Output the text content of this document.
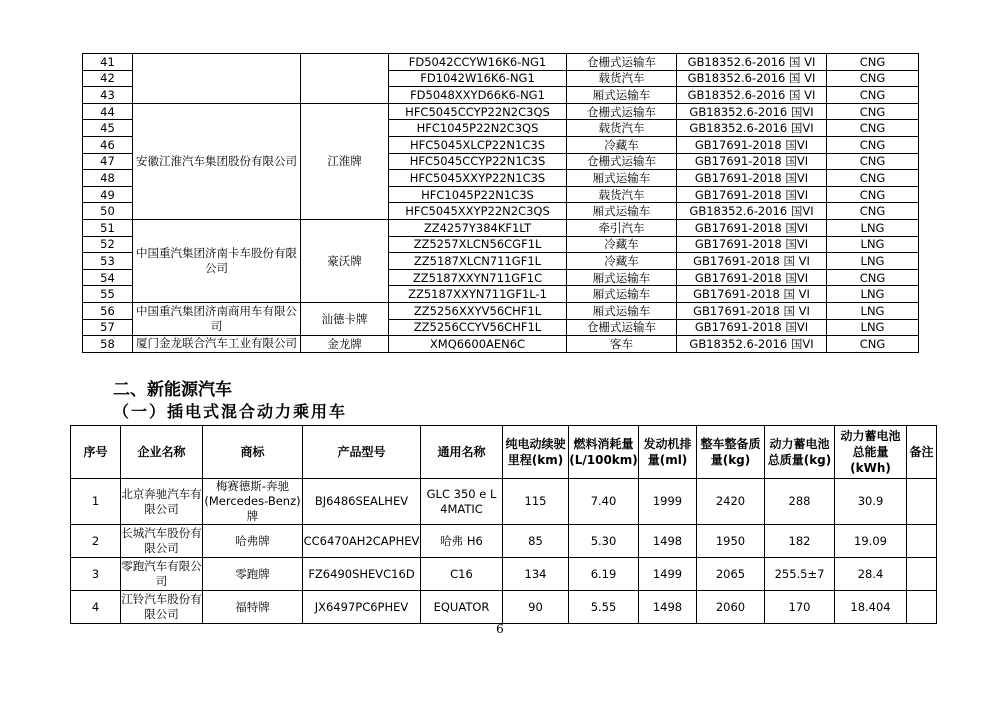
41			FD5042CCYW16K6-NG1	仓栅式运输车	GB18352.6-2016 国 VI	CNG
42			FD1042W16K6-NG1	载货汽车	GB18352.6-2016 国 VI	CNG
43			FD5048XXYD66K6-NG1	厢式运输车	GB18352.6-2016 国 VI	CNG
44	安徽江淮汽车集团股份有限公司	江淮牌	HFC5045CCYP22N2C3QS	仓栅式运输车	GB18352.6-2016 国VI	CNG
45			HFC1045P22N2C3QS	载货汽车	GB18352.6-2016 国VI	CNG
46			HFC5045XLCP22N1C3S	冷藏车	GB17691-2018 国VI	CNG
47			HFC5045CCYP22N1C3S	仓栅式运输车	GB17691-2018 国VI	CNG
48			HFC5045XXYP22N1C3S	厢式运输车	GB17691-2018 国VI	CNG
49			HFC1045P22N1C3S	载货汽车	GB17691-2018 国VI	CNG
50			HFC5045XXYP22N2C3QS	厢式运输车	GB18352.6-2016 国VI	CNG
51	中国重汽集团济南卡车股份有限公司	豪沃牌	ZZ4257Y384KF1LT	牵引汽车	GB17691-2018 国VI	LNG
52			ZZ5257XLCN56CGF1L	冷藏车	GB17691-2018 国VI	LNG
53			ZZ5187XLCN711GF1L	冷藏车	GB17691-2018 国 VI	LNG
54			ZZ5187XXYN711GF1C	厢式运输车	GB17691-2018 国VI	CNG
55			ZZ5187XXYN711GF1L-1	厢式运输车	GB17691-2018 国 VI	LNG
56	中国重汽集团济南商用车有限公司	汕德卡牌	ZZ5256XXYV56CHF1L	厢式运输车	GB17691-2018 国 VI	LNG
57			ZZ5256CCYV56CHF1L	仓栅式运输车	GB17691-2018 国VI	LNG
58	厦门金龙联合汽车工业有限公司	金龙牌	XMQ6600AEN6C	客车	GB18352.6-2016 国VI	CNG
二、新能源汽车
（一）插电式混合动力乘用车
序号	企业名称	商标	产品型号	通用名称	纯电动续驶里程(km)	燃料消耗量(L/100km)	发动机排量(ml)	整车整备质量(kg)	动力蓄电池总质量(kg)	动力蓄电池总能量(kWh)	备注
1	北京奔驰汽车有限公司	梅赛德斯-奔驰(Mercedes-Benz)牌	BJ6486SEALHEV	GLC 350 e L 4MATIC	115	7.40	1999	2420	288	30.9	
2	长城汽车股份有限公司	哈弗牌	CC6470AH2CAPHEV	哈弗 H6	85	5.30	1498	1950	182	19.09	
3	零跑汽车有限公司	零跑牌	FZ6490SHEVC16D	C16	134	6.19	1499	2065	255.5±7	28.4	
4	江铃汽车股份有限公司	福特牌	JX6497PC6PHEV	EQUATOR	90	5.55	1498	2060	170	18.404	
6
